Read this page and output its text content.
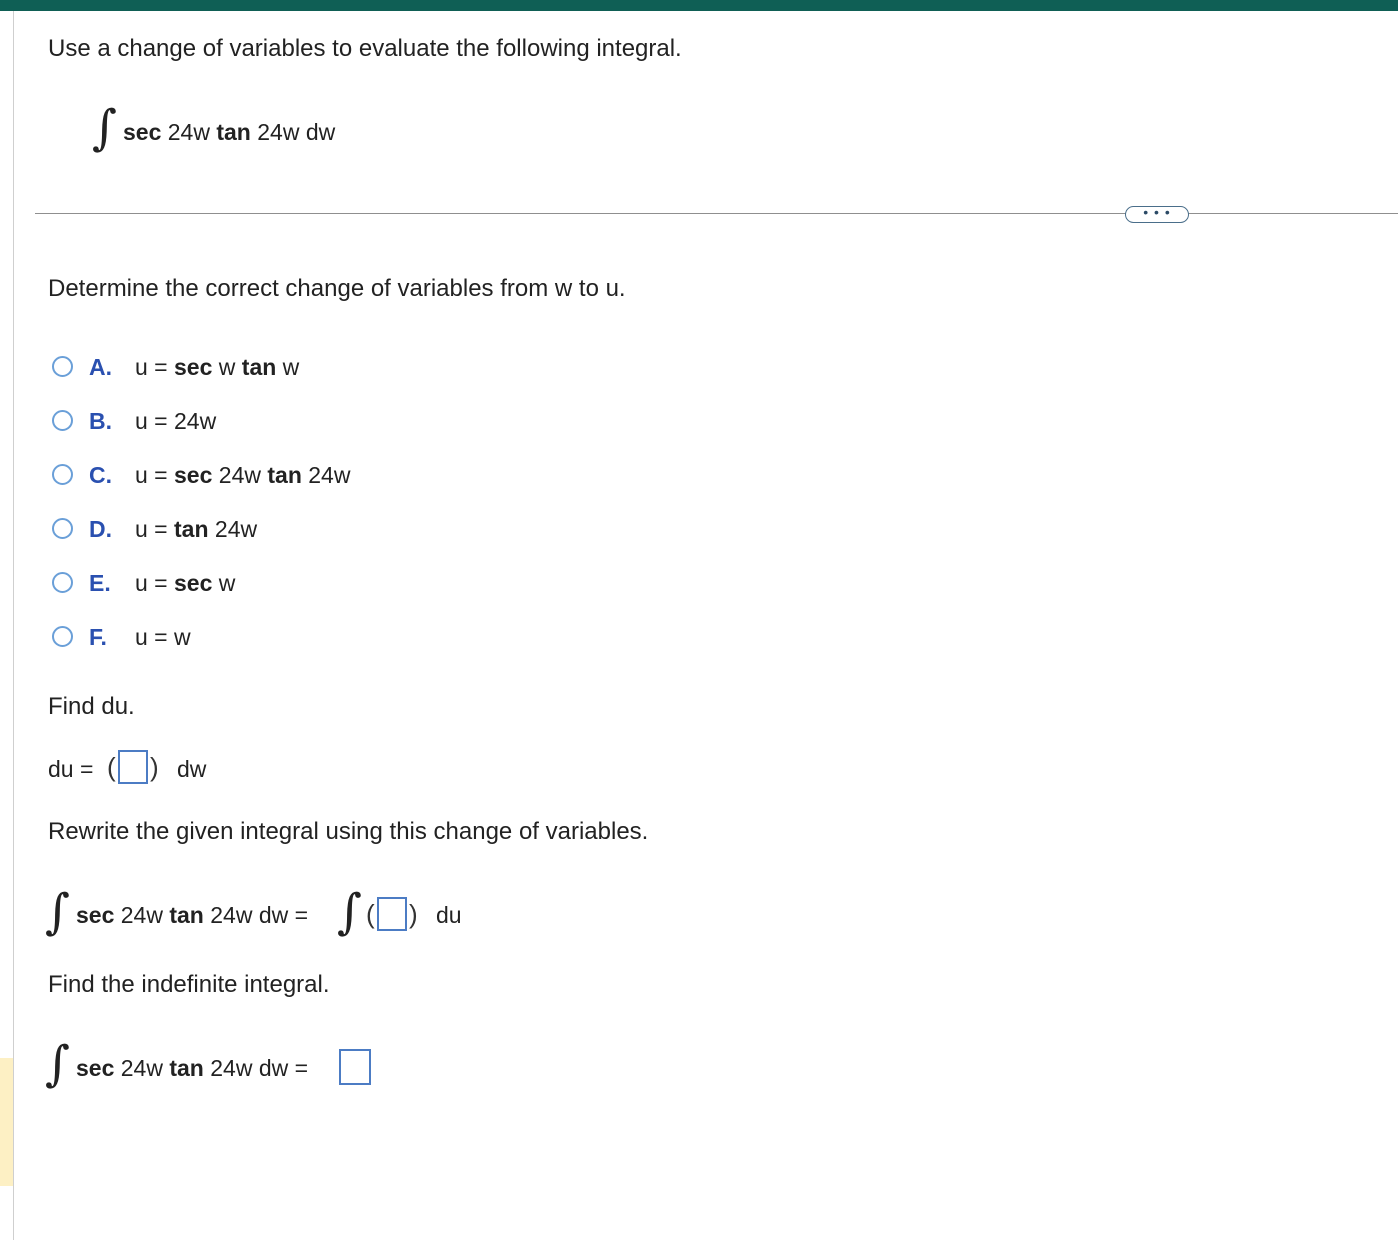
Use a change of variables to evaluate the following integral.
∫ sec 24w tan 24w dw
• • •
Determine the correct change of variables from w to u.
A. u = sec w tan w
B. u = 24w
C. u = sec 24w tan 24w
D. u = tan 24w
E. u = sec w
F. u = w
Find du.
du = ( ) dw
Rewrite the given integral using this change of variables.
∫ sec 24w tan 24w dw = ∫ ( ) du
Find the indefinite integral.
∫ sec 24w tan 24w dw =
